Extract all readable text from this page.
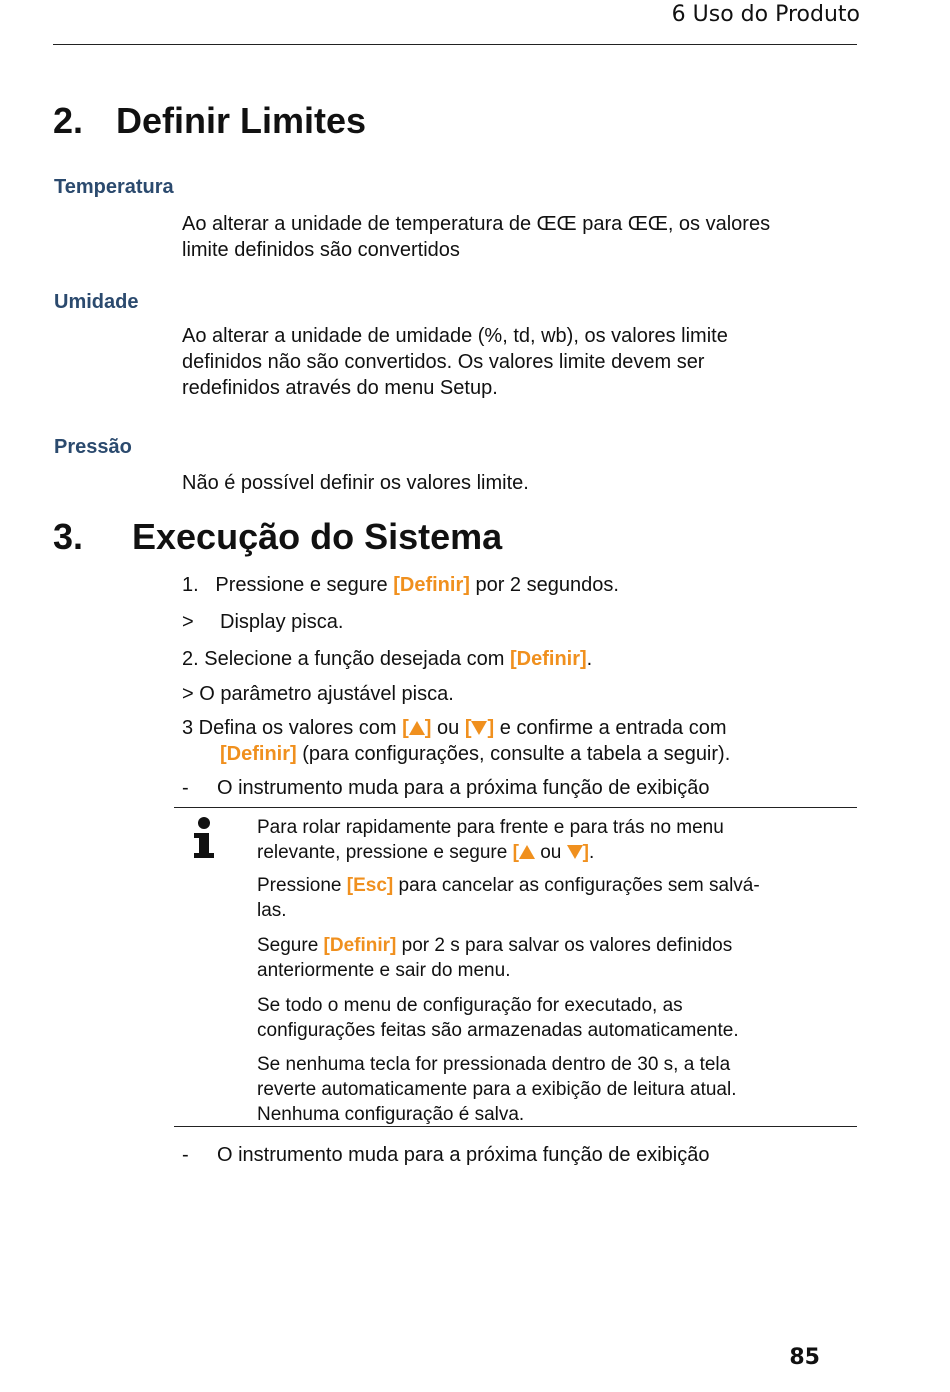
6 Uso do Produto
2. Definir Limites
Temperatura
Ao alterar a unidade de temperatura de ŒŒ para ŒŒ, os valores
limite definidos são convertidos
Umidade
Ao alterar a unidade de umidade (%, td, wb), os valores limite
definidos não são convertidos. Os valores limite devem ser
redefinidos através do menu Setup.
Pressão
Não é possível definir os valores limite.
3. Execução do Sistema
1.   Pressione e segure [Definir] por 2 segundos.
> Display pisca.
2. Selecione a função desejada com [Definir].
> O parâmetro ajustável pisca.
3 Defina os valores com [ ] ou [ ] e confirme a entrada com
[Definir] (para configurações, consulte a tabela a seguir).
- O instrumento muda para a próxima função de exibição
Para rolar rapidamente para frente e para trás no menu
relevante, pressione e segure [ ou ].
Pressione [Esc] para cancelar as configurações sem salvá-
las.
Segure [Definir] por 2 s para salvar os valores definidos
anteriormente e sair do menu.
Se todo o menu de configuração for executado, as
configurações feitas são armazenadas automaticamente.
Se nenhuma tecla for pressionada dentro de 30 s, a tela
reverte automaticamente para a exibição de leitura atual.
Nenhuma configuração é salva.
- O instrumento muda para a próxima função de exibição
85
